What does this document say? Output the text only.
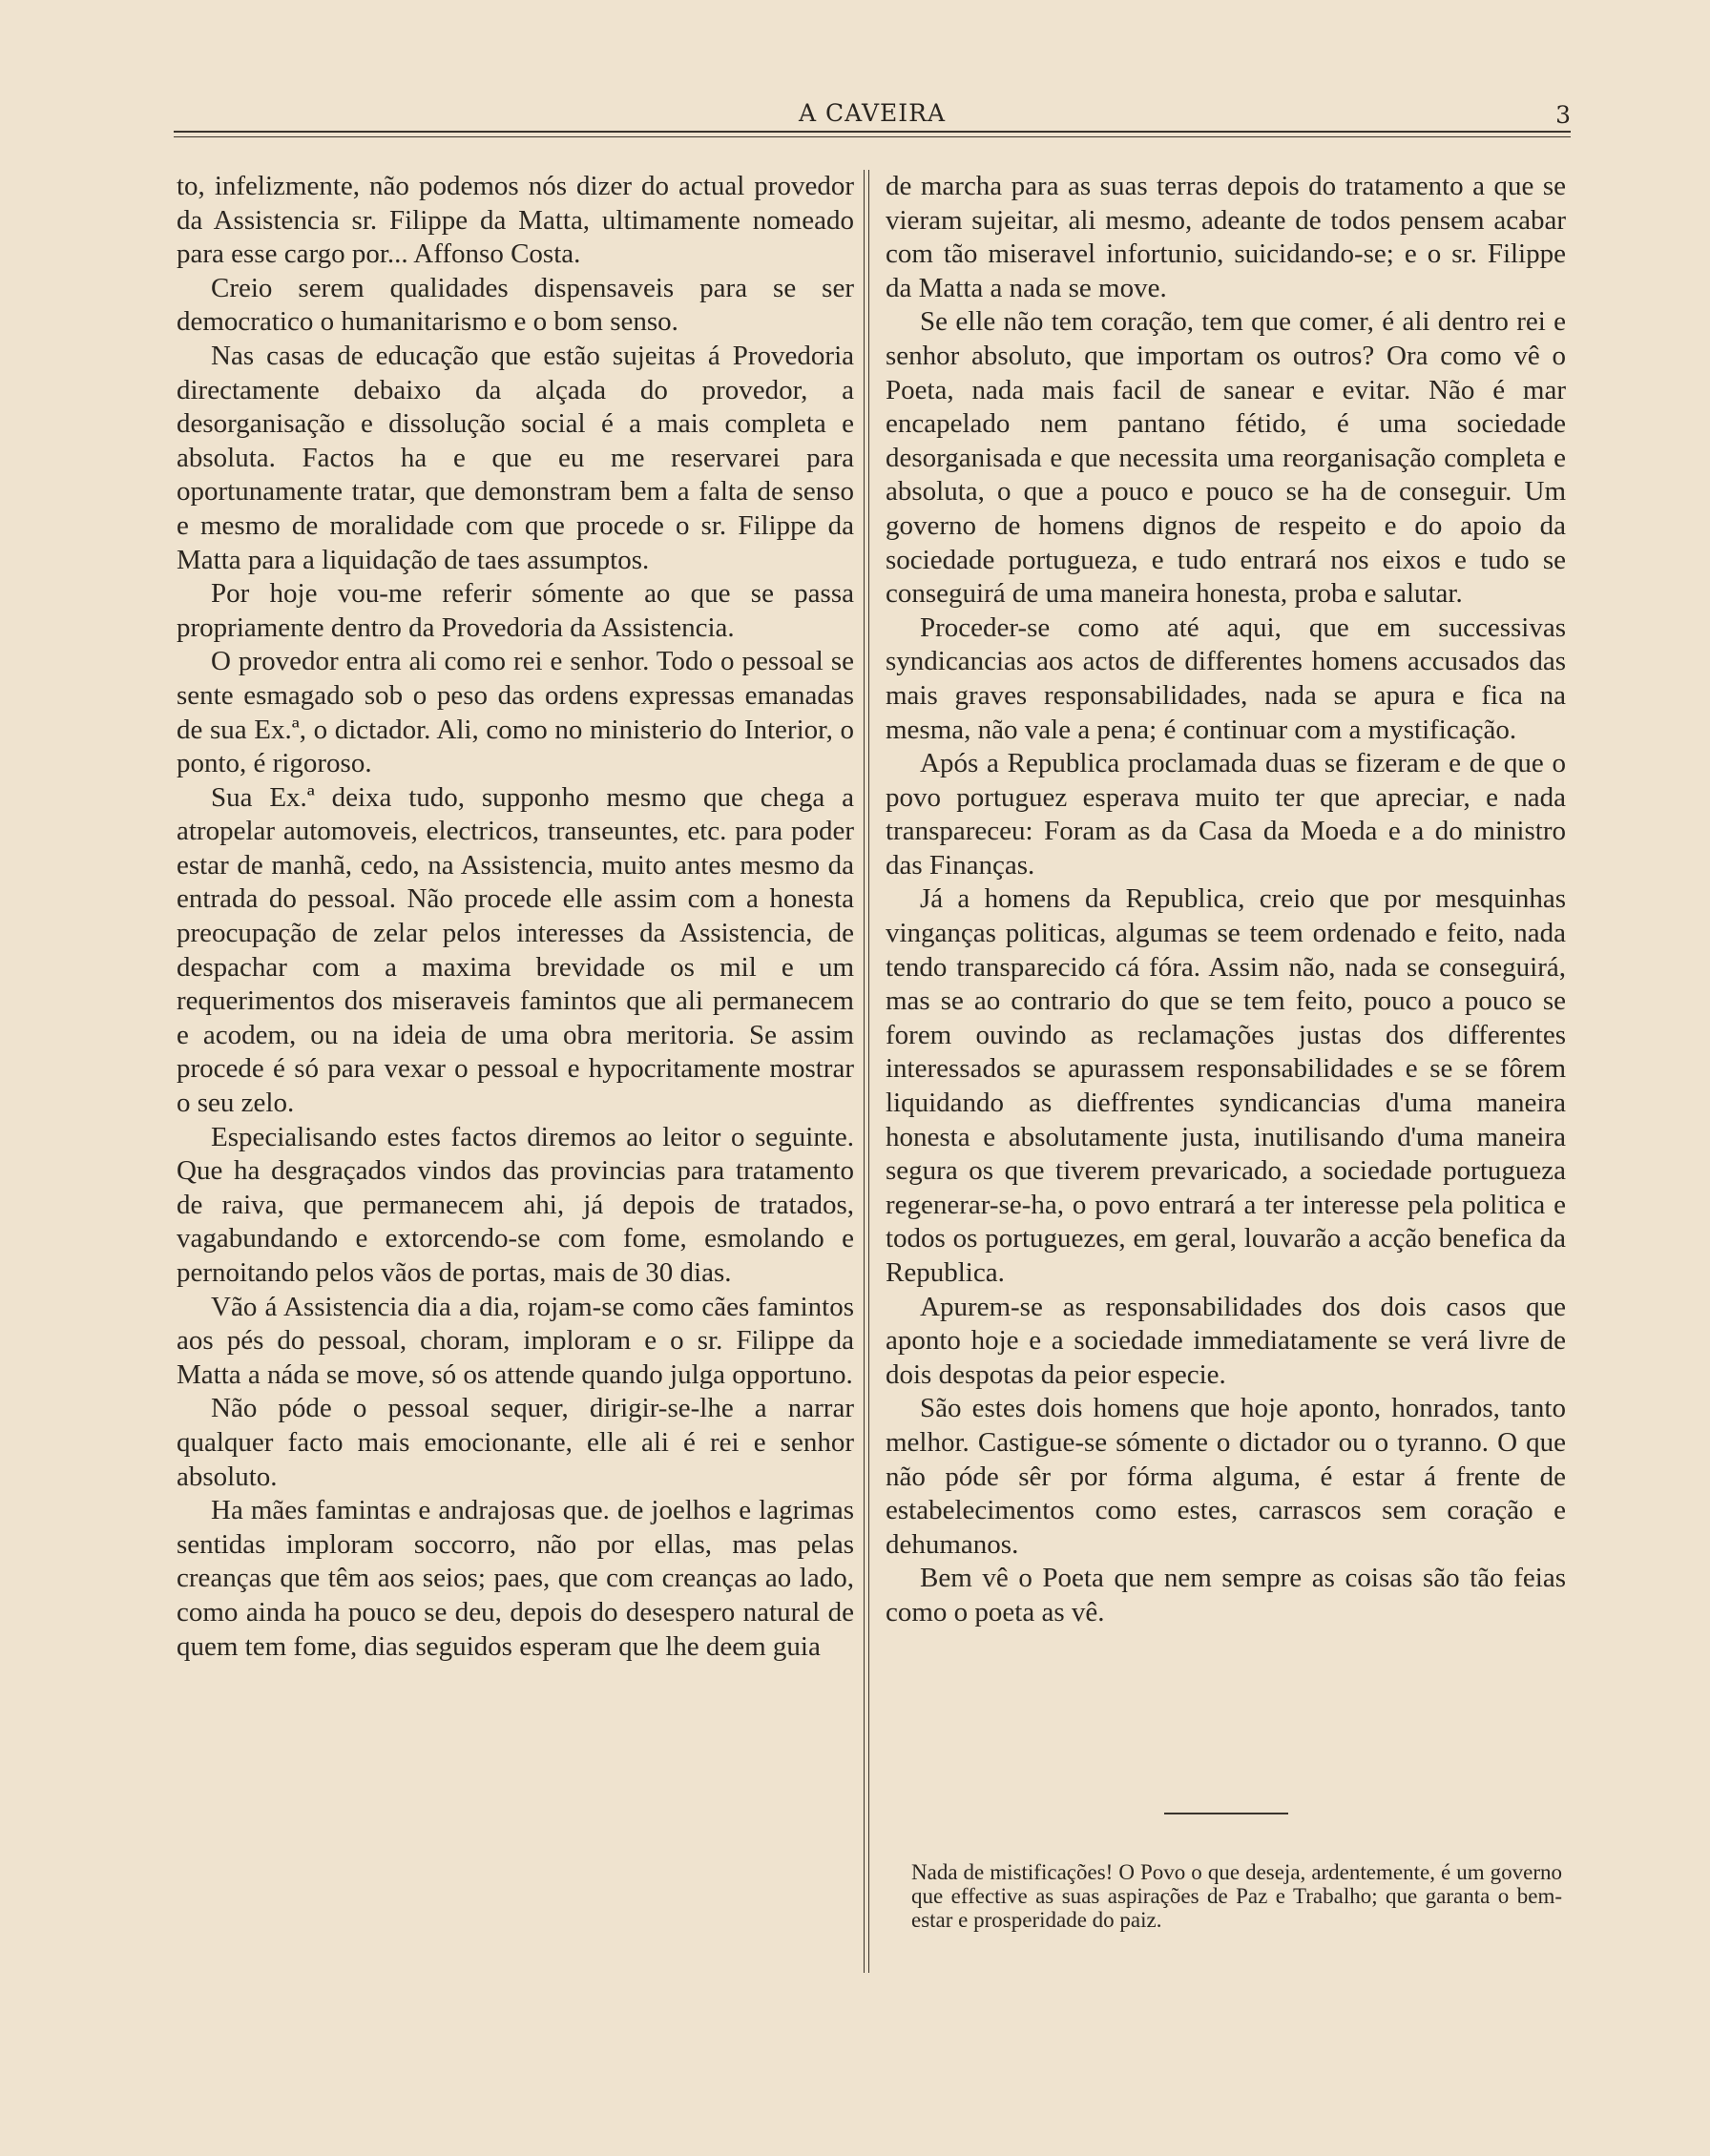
A CAVEIRA	3

to, infelizmente, não podemos nós dizer do actual provedor da Assistencia sr. Filippe da Matta, ultimamente nomeado para esse cargo por... Affonso Costa.

Creio serem qualidades dispensaveis para se ser democratico o humanitarismo e o bom senso.

Nas casas de educação que estão sujeitas á Provedoria directamente debaixo da alçada do provedor, a desorganisação e dissolução social é a mais completa e absoluta. Factos ha e que eu me reservarei para oportunamente tratar, que demonstram bem a falta de senso e mesmo de moralidade com que procede o sr. Filippe da Matta para a liquidação de taes assumptos.

Por hoje vou-me referir sómente ao que se passa propriamente dentro da Provedoria da Assistencia.

O provedor entra ali como rei e senhor. Todo o pessoal se sente esmagado sob o peso das ordens expressas emanadas de sua Ex.ª, o dictador. Ali, como no ministerio do Interior, o ponto, é rigoroso.

Sua Ex.ª deixa tudo, supponho mesmo que chega a atropelar automoveis, electricos, transeuntes, etc. para poder estar de manhã, cedo, na Assistencia, muito antes mesmo da entrada do pessoal. Não procede elle assim com a honesta preocupação de zelar pelos interesses da Assistencia, de despachar com a maxima brevidade os mil e um requerimentos dos miseraveis famintos que ali permanecem e acodem, ou na ideia de uma obra meritoria. Se assim procede é só para vexar o pessoal e hypocritamente mostrar o seu zelo.

Especialisando estes factos diremos ao leitor o seguinte. Que ha desgraçados vindos das provincias para tratamento de raiva, que permanecem ahi, já depois de tratados, vagabundando e extorcendo-se com fome, esmolando e pernoitando pelos vãos de portas, mais de 30 dias.

Vão á Assistencia dia a dia, rojam-se como cães famintos aos pés do pessoal, choram, imploram e o sr. Filippe da Matta a náda se move, só os attende quando julga opportuno.

Não póde o pessoal sequer, dirigir-se-lhe a narrar qualquer facto mais emocionante, elle ali é rei e senhor absoluto.

Ha mães famintas e andrajosas que. de joelhos e lagrimas sentidas imploram soccorro, não por ellas, mas pelas creanças que têm aos seios; paes, que com creanças ao lado, como ainda ha pouco se deu, depois do desespero natural de quem tem fome, dias seguidos esperam que lhe deem guia

de marcha para as suas terras depois do tratamento a que se vieram sujeitar, ali mesmo, adeante de todos pensem acabar com tão miseravel infortunio, suicidando-se; e o sr. Filippe da Matta a nada se move.

Se elle não tem coração, tem que comer, é ali dentro rei e senhor absoluto, que importam os outros? Ora como vê o Poeta, nada mais facil de sanear e evitar. Não é mar encapelado nem pantano fétido, é uma sociedade desorganisada e que necessita uma reorganisação completa e absoluta, o que a pouco e pouco se ha de conseguir. Um governo de homens dignos de respeito e do apoio da sociedade portugueza, e tudo entrará nos eixos e tudo se conseguirá de uma maneira honesta, proba e salutar.

Proceder-se como até aqui, que em successivas syndicancias aos actos de differentes homens accusados das mais graves responsabilidades, nada se apura e fica na mesma, não vale a pena; é continuar com a mystificação.

Após a Republica proclamada duas se fizeram e de que o povo portuguez esperava muito ter que apreciar, e nada transpareceu: Foram as da Casa da Moeda e a do ministro das Finanças.

Já a homens da Republica, creio que por mesquinhas vinganças politicas, algumas se teem ordenado e feito, nada tendo transparecido cá fóra. Assim não, nada se conseguirá, mas se ao contrario do que se tem feito, pouco a pouco se forem ouvindo as reclamações justas dos differentes interessados se apurassem responsabilidades e se se fôrem liquidando as dieffrentes syndicancias d'uma maneira honesta e absolutamente justa, inutilisando d'uma maneira segura os que tiverem prevaricado, a sociedade portugueza regenerar-se-ha, o povo entrará a ter interesse pela politica e todos os portuguezes, em geral, louvarão a acção benefica da Republica.

Apurem-se as responsabilidades dos dois casos que aponto hoje e a sociedade immediatamente se verá livre de dois despotas da peior especie.

São estes dois homens que hoje aponto, honrados, tanto melhor. Castigue-se sómente o dictador ou o tyranno. O que não póde sêr por fórma alguma, é estar á frente de estabelecimentos como estes, carrascos sem coração e dehumanos.

Bem vê o Poeta que nem sempre as coisas são tão feias como o poeta as vê.

Nada de mistificações! O Povo o que deseja, ardentemente, é um governo que effective as suas aspirações de Paz e Trabalho; que garanta o bem-estar e prosperidade do paiz.
